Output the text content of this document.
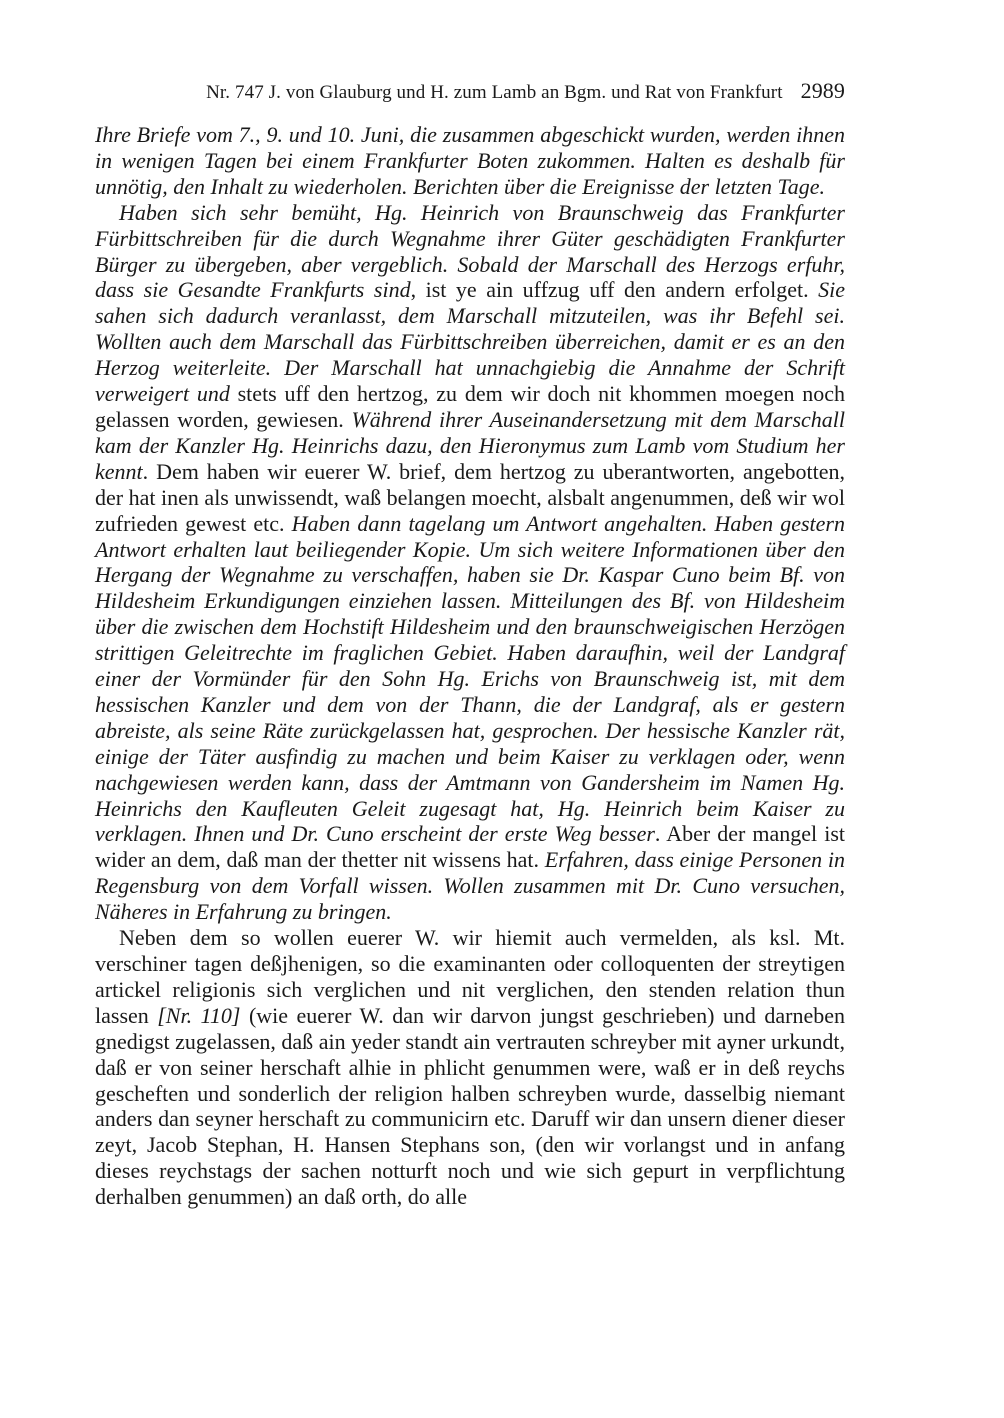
Nr. 747 J. von Glauburg und H. zum Lamb an Bgm. und Rat von Frankfurt 2989

Ihre Briefe vom 7., 9. und 10. Juni, die zusammen abgeschickt wurden, werden ihnen in wenigen Tagen bei einem Frankfurter Boten zukommen. Halten es deshalb für unnötig, den Inhalt zu wiederholen. Berichten über die Ereignisse der letzten Tage.

Haben sich sehr bemüht, Hg. Heinrich von Braunschweig das Frankfurter Fürbittschreiben für die durch Wegnahme ihrer Güter geschädigten Frankfurter Bürger zu übergeben, aber vergeblich. Sobald der Marschall des Herzogs erfuhr, dass sie Gesandte Frankfurts sind, ist ye ain uffzug uff den andern erfolget. Sie sahen sich dadurch veranlasst, dem Marschall mitzuteilen, was ihr Befehl sei. Wollten auch dem Marschall das Fürbittschreiben überreichen, damit er es an den Herzog weiterleite. Der Marschall hat unnachgiebig die Annahme der Schrift verweigert und stets uff den hertzog, zu dem wir doch nit khommen moegen noch gelassen worden, gewiesen. Während ihrer Auseinandersetzung mit dem Marschall kam der Kanzler Hg. Heinrichs dazu, den Hieronymus zum Lamb vom Studium her kennt. Dem haben wir euerer W. brief, dem hertzog zu uberantworten, angebotten, der hat inen als unwissendt, waß belangen moecht, alsbalt angenummen, deß wir wol zufrieden gewest etc. Haben dann tagelang um Antwort angehalten. Haben gestern Antwort erhalten laut beiliegender Kopie. Um sich weitere Informationen über den Hergang der Wegnahme zu verschaffen, haben sie Dr. Kaspar Cuno beim Bf. von Hildesheim Erkundigungen einziehen lassen. Mitteilungen des Bf. von Hildesheim über die zwischen dem Hochstift Hildesheim und den braunschweigischen Herzögen strittigen Geleitrechte im fraglichen Gebiet. Haben daraufhin, weil der Landgraf einer der Vormünder für den Sohn Hg. Erichs von Braunschweig ist, mit dem hessischen Kanzler und dem von der Thann, die der Landgraf, als er gestern abreiste, als seine Räte zurückgelassen hat, gesprochen. Der hessische Kanzler rät, einige der Täter ausfindig zu machen und beim Kaiser zu verklagen oder, wenn nachgewiesen werden kann, dass der Amtmann von Gandersheim im Namen Hg. Heinrichs den Kaufleuten Geleit zugesagt hat, Hg. Heinrich beim Kaiser zu verklagen. Ihnen und Dr. Cuno erscheint der erste Weg besser. Aber der mangel ist wider an dem, daß man der thetter nit wissens hat. Erfahren, dass einige Personen in Regensburg von dem Vorfall wissen. Wollen zusammen mit Dr. Cuno versuchen, Näheres in Erfahrung zu bringen.

Neben dem so wollen euerer W. wir hiemit auch vermelden, als ksl. Mt. verschiner tagen deßjhenigen, so die examinanten oder colloquenten der streytigen artickel religionis sich verglichen und nit verglichen, den stenden relation thun lassen [Nr. 110] (wie euerer W. dan wir darvon jungst geschrieben) und darneben gnedigst zugelassen, daß ain yeder standt ain vertrauten schreyber mit ayner urkundt, daß er von seiner herschaft alhie in phlicht genummen were, waß er in deß reychs gescheften und sonderlich der religion halben schreyben wurde, dasselbig niemant anders dan seyner herschaft zu communicirn etc. Daruff wir dan unsern diener dieser zeyt, Jacob Stephan, H. Hansen Stephans son, (den wir vorlangst und in anfang dieses reychstags der sachen notturft noch und wie sich gepurt in verpflichtung derhalben genummen) an daß orth, do alle
